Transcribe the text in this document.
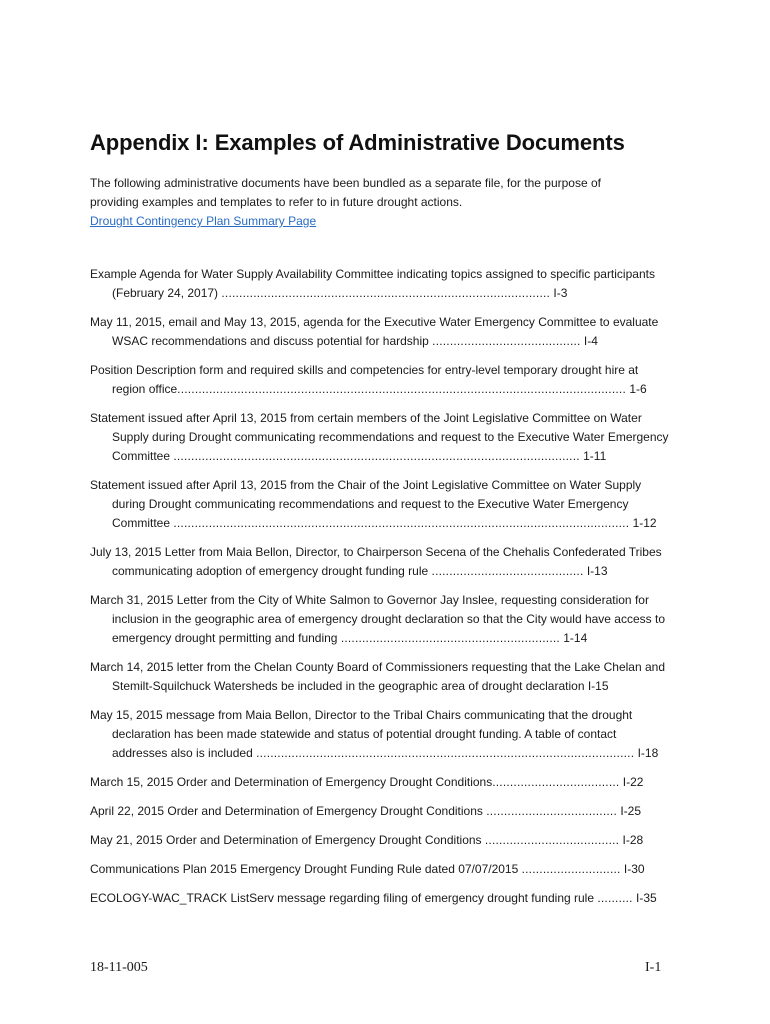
Appendix I: Examples of Administrative Documents

The following administrative documents have been bundled as a separate file, for the purpose of providing examples and templates to refer to in future drought actions.
Drought Contingency Plan Summary Page

Example Agenda for Water Supply Availability Committee indicating topics assigned to specific participants (February 24, 2017) ............................................................................................. I-3
May 11, 2015, email and May 13, 2015, agenda for the Executive Water Emergency Committee to evaluate WSAC recommendations and discuss potential for hardship .......................................... I-4
Position Description form and required skills and competencies for entry-level temporary drought hire at region office............................................................................................................................... 1-6
Statement issued after April 13, 2015 from certain members of the Joint Legislative Committee on Water Supply during Drought communicating recommendations and request to the Executive Water Emergency Committee ................................................................................................................... 1-11
Statement issued after April 13, 2015 from the Chair of the Joint Legislative Committee on Water Supply during Drought communicating recommendations and request to the Executive Water Emergency Committee ................................................................................................................................. 1-12
July 13, 2015 Letter from Maia Bellon, Director, to Chairperson Secena of the Chehalis Confederated Tribes communicating adoption of emergency drought funding rule ........................................... I-13
March 31, 2015 Letter from the City of White Salmon to Governor Jay Inslee, requesting consideration for inclusion in the geographic area of emergency drought declaration so that the City would have access to emergency drought permitting and funding .............................................................. 1-14
March 14, 2015 letter from the Chelan County Board of Commissioners requesting that the Lake Chelan and Stemilt-Squilchuck Watersheds be included in the geographic area of drought declaration I-15
May 15, 2015 message from Maia Bellon, Director to the Tribal Chairs communicating that the drought declaration has been made statewide and status of potential drought funding. A table of contact addresses also is included ........................................................................................................... I-18
March 15, 2015 Order and Determination of Emergency Drought Conditions.................................... I-22
April 22, 2015 Order and Determination of Emergency Drought Conditions ..................................... I-25
May 21, 2015 Order and Determination of Emergency Drought Conditions ...................................... I-28
Communications Plan 2015 Emergency Drought Funding Rule dated 07/07/2015 ............................ I-30
ECOLOGY-WAC_TRACK ListServ message regarding filing of emergency drought funding rule .......... I-35
18-11-005	I-1
